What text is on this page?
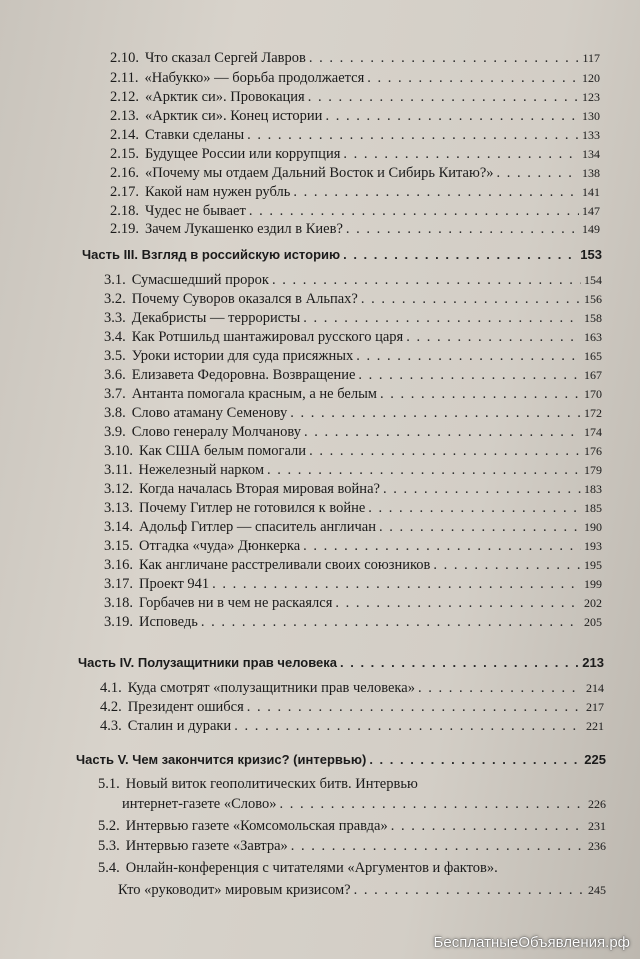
2.10. Что сказал Сергей Лавров . . .	117
2.11. «Набукко» — борьба продолжается . . .	120
2.12. «Арктик си». Провокация . . .	123
2.13. «Арктик си». Конец истории . . .	130
2.14. Ставки сделаны . . .	133
2.15. Будущее России или коррупция . . .	134
2.16. «Почему мы отдаем Дальний Восток и Сибирь Китаю?» . . .	138
2.17. Какой нам нужен рубль . . .	141
2.18. Чудес не бывает . . .	147
2.19. Зачем Лукашенко ездил в Киев? . . .	149
Часть III. Взгляд в российскую историю . . .	153
3.1. Сумасшедший пророк . . .	154
3.2. Почему Суворов оказался в Альпах? . . .	156
3.3. Декабристы — террористы . . .	158
3.4. Как Ротшильд шантажировал русского царя . . .	163
3.5. Уроки истории для суда присяжных . . .	165
3.6. Елизавета Федоровна. Возвращение . . .	167
3.7. Антанта помогала красным, а не белым . . .	170
3.8. Слово атаману Семенову . . .	172
3.9. Слово генералу Молчанову . . .	174
3.10. Как США белым помогали . . .	176
3.11. Нежелезный нарком . . .	179
3.12. Когда началась Вторая мировая война? . . .	183
3.13. Почему Гитлер не готовился к войне . . .	185
3.14. Адольф Гитлер — спаситель англичан . . .	190
3.15. Отгадка «чуда» Дюнкерка . . .	193
3.16. Как англичане расстреливали своих союзников . . .	195
3.17. Проект 941 . . .	199
3.18. Горбачев ни в чем не раскаялся . . .	202
3.19. Исповедь . . .	205
Часть IV. Полузащитники прав человека . . .	213
4.1. Куда смотрят «полузащитники прав человека» . . .	214
4.2. Президент ошибся . . .	217
4.3. Сталин и дураки . . .	221
Часть V. Чем закончится кризис? (интервью) . . .	225
5.1. Новый виток геополитических битв. Интервью
интернет-газете «Слово» . . .	226
5.2. Интервью газете «Комсомольская правда» . . .	231
5.3. Интервью газете «Завтра» . . .	236
5.4. Онлайн-конференция с читателями «Аргументов и фактов».
Кто «руководит» мировым кризисом? . . .	245
БесплатныеОбъявления.рф
